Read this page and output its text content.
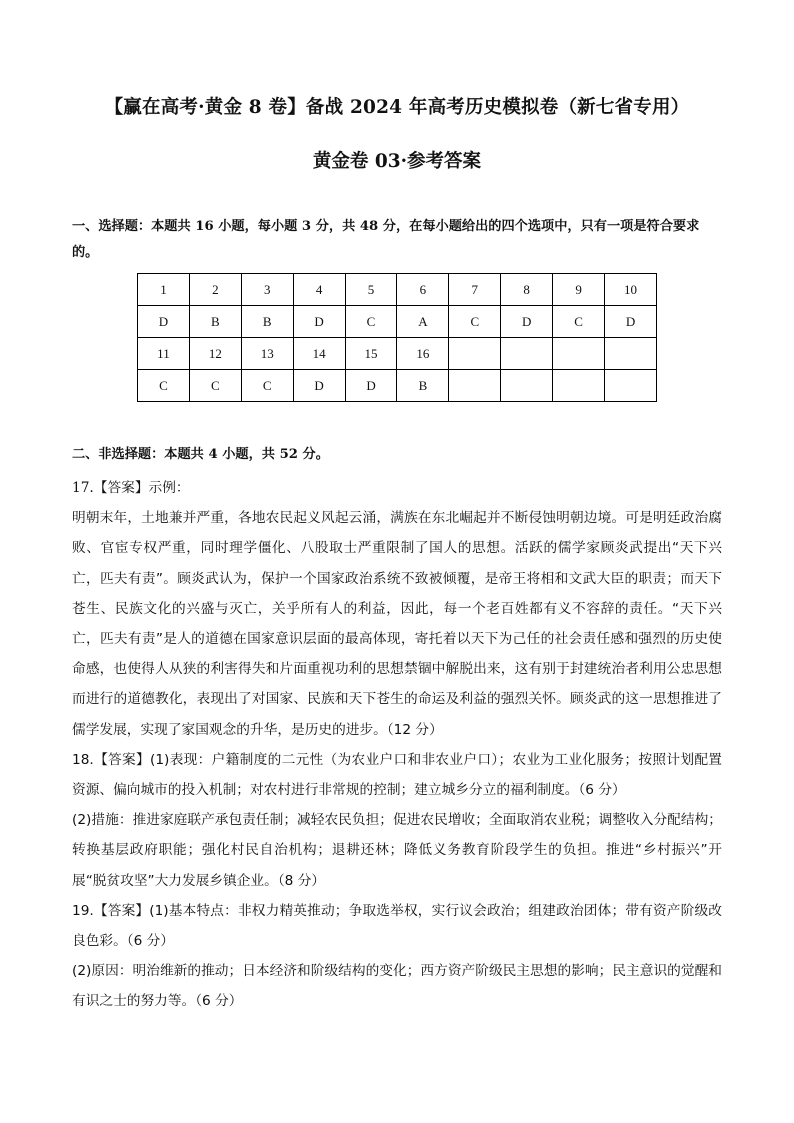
【赢在高考·黄金 8 卷】备战 2024 年高考历史模拟卷（新七省专用）
黄金卷 03·参考答案
一、选择题：本题共 16 小题，每小题 3 分，共 48 分，在每小题给出的四个选项中，只有一项是符合要求的。
1	2	3	4	5	6	7	8	9	10
D	B	B	D	C	A	C	D	C	D
11	12	13	14	15	16				
C	C	C	D	D	B				
二、非选择题：本题共 4 小题，共 52 分。

17.【答案】示例：

明朝末年，土地兼并严重，各地农民起义风起云涌，满族在东北崛起并不断侵蚀明朝边境。可是明廷政治腐败、官宦专权严重，同时理学僵化、八股取士严重限制了国人的思想。活跃的儒学家顾炎武提出“天下兴亡，匹夫有责”。顾炎武认为，保护一个国家政治系统不致被倾覆，是帝王将相和文武大臣的职责；而天下苍生、民族文化的兴盛与灭亡，关乎所有人的利益，因此，每一个老百姓都有义不容辞的责任。“天下兴亡，匹夫有责”是人的道德在国家意识层面的最高体现，寄托着以天下为己任的社会责任感和强烈的历史使命感，也使得人从狭的利害得失和片面重视功利的思想禁锢中解脱出来，这有别于封建统治者利用公忠思想而进行的道德教化，表现出了对国家、民族和天下苍生的命运及利益的强烈关怀。顾炎武的这一思想推进了儒学发展，实现了家国观念的升华，是历史的进步。（12 分）

18.【答案】(1)表现：户籍制度的二元性（为农业户口和非农业户口）；农业为工业化服务；按照计划配置资源、偏向城市的投入机制；对农村进行非常规的控制；建立城乡分立的福利制度。（6 分）

(2)措施：推进家庭联产承包责任制；减轻农民负担；促进农民增收；全面取消农业税；调整收入分配结构；转换基层政府职能；强化村民自治机构；退耕还林；降低义务教育阶段学生的负担。推进“乡村振兴”开展“脱贫攻坚”大力发展乡镇企业。（8 分）

19.【答案】(1)基本特点：非权力精英推动；争取选举权，实行议会政治；组建政治团体；带有资产阶级改良色彩。（6 分）

(2)原因：明治维新的推动；日本经济和阶级结构的变化；西方资产阶级民主思想的影响；民主意识的觉醒和有识之士的努力等。（6 分）
